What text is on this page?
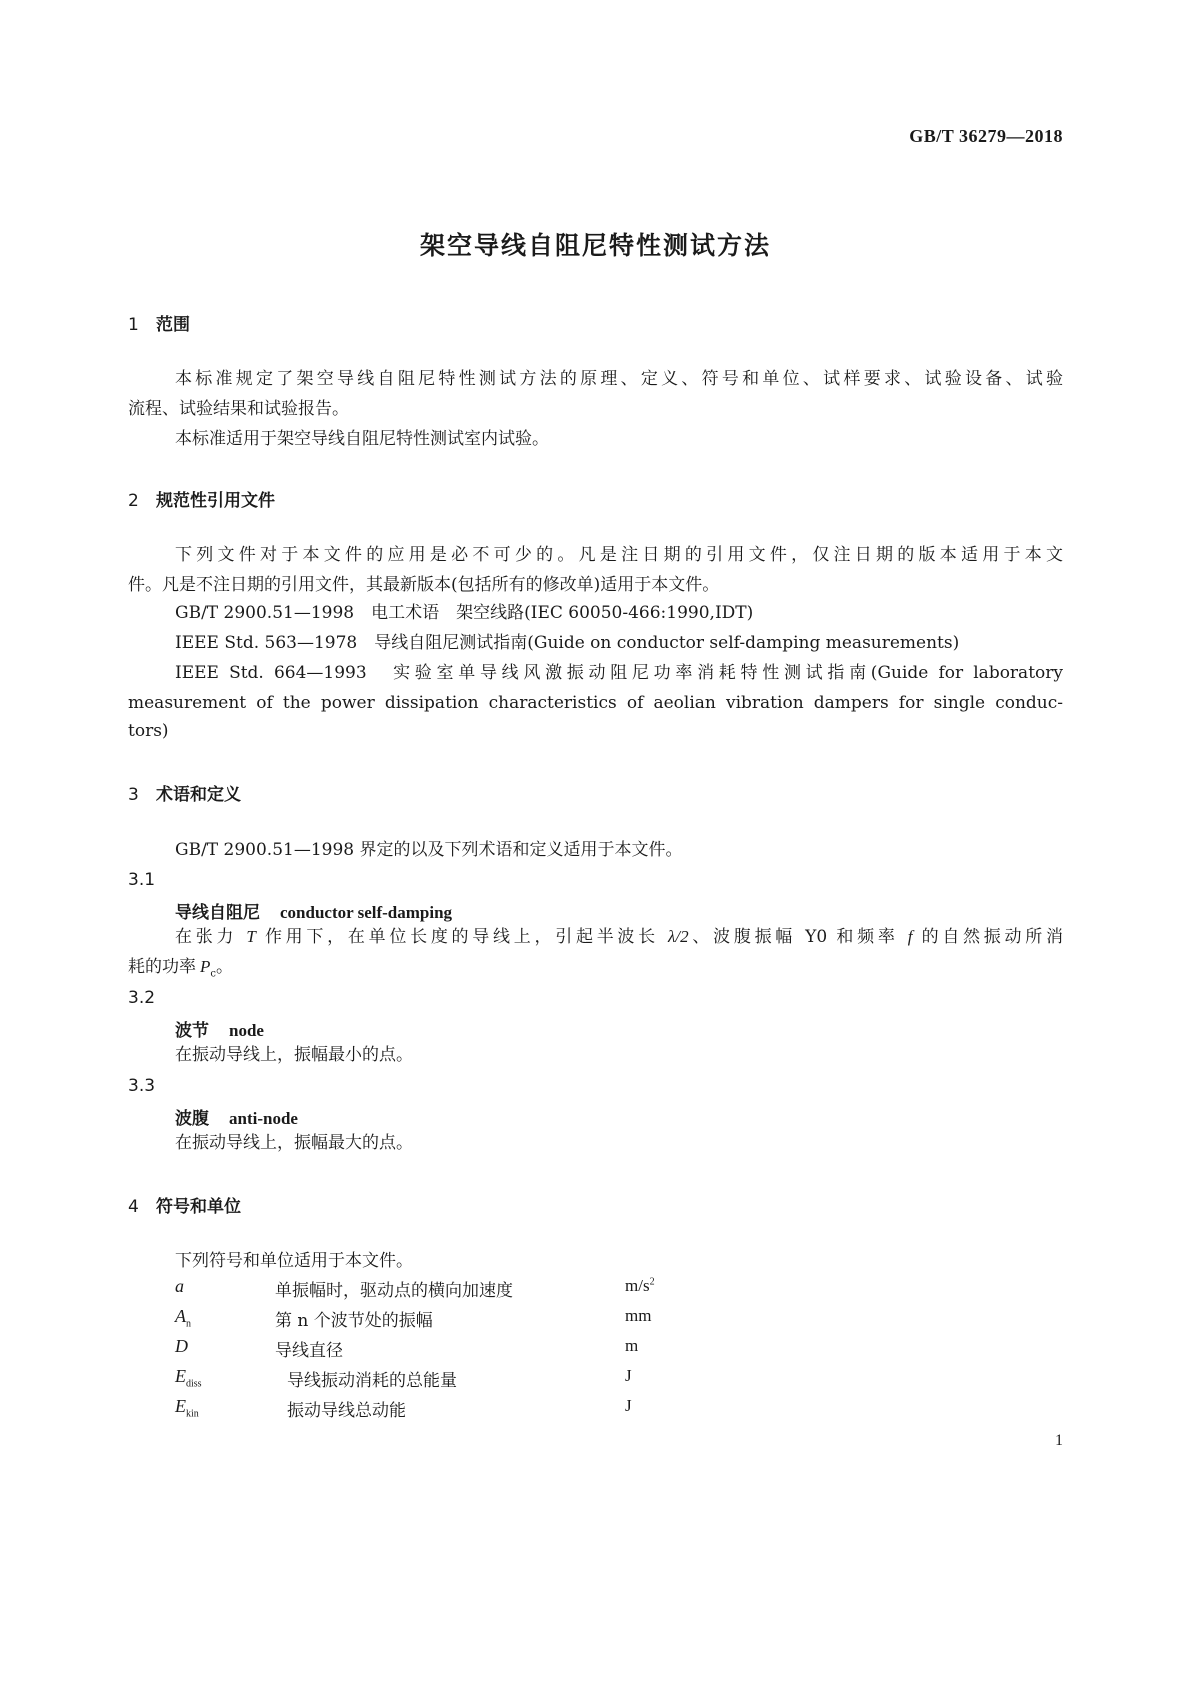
GB/T 36279—2018
架空导线自阻尼特性测试方法
1 范围
本标准规定了架空导线自阻尼特性测试方法的原理、定义、符号和单位、试样要求、试验设备、试验
流程、试验结果和试验报告。
本标准适用于架空导线自阻尼特性测试室内试验。
2 规范性引用文件
下列文件对于本文件的应用是必不可少的。凡是注日期的引用文件，仅注日期的版本适用于本文
件。凡是不注日期的引用文件，其最新版本(包括所有的修改单)适用于本文件。
GB/T 2900.51—1998　电工术语　架空线路(IEC 60050-466:1990,IDT)
IEEE Std. 563—1978　导线自阻尼测试指南(Guide on conductor self-damping measurements)
IEEE Std. 664—1993　实验室单导线风激振动阻尼功率消耗特性测试指南(Guide for laboratory
measurement of the power dissipation characteristics of aeolian vibration dampers for single conduc-
tors)
3 术语和定义
GB/T 2900.51—1998 界定的以及下列术语和定义适用于本文件。
3.1
导线自阻尼 conductor self-damping
在张力 T 作用下，在单位长度的导线上，引起半波长 λ/2、波腹振幅 Y0 和频率 f 的自然振动所消
耗的功率 $P_c$。
3.2
波节 node
在振动导线上，振幅最小的点。
3.3
波腹 anti-node
在振动导线上，振幅最大的点。
4 符号和单位
下列符号和单位适用于本文件。
a	单振幅时，驱动点的横向加速度	$m/s^2$
$A_n$	第 n 个波节处的振幅	mm
D	导线直径	m
$E_{diss}$	导线振动消耗的总能量	J
$E_{kin}$	振动导线总动能	J
1
